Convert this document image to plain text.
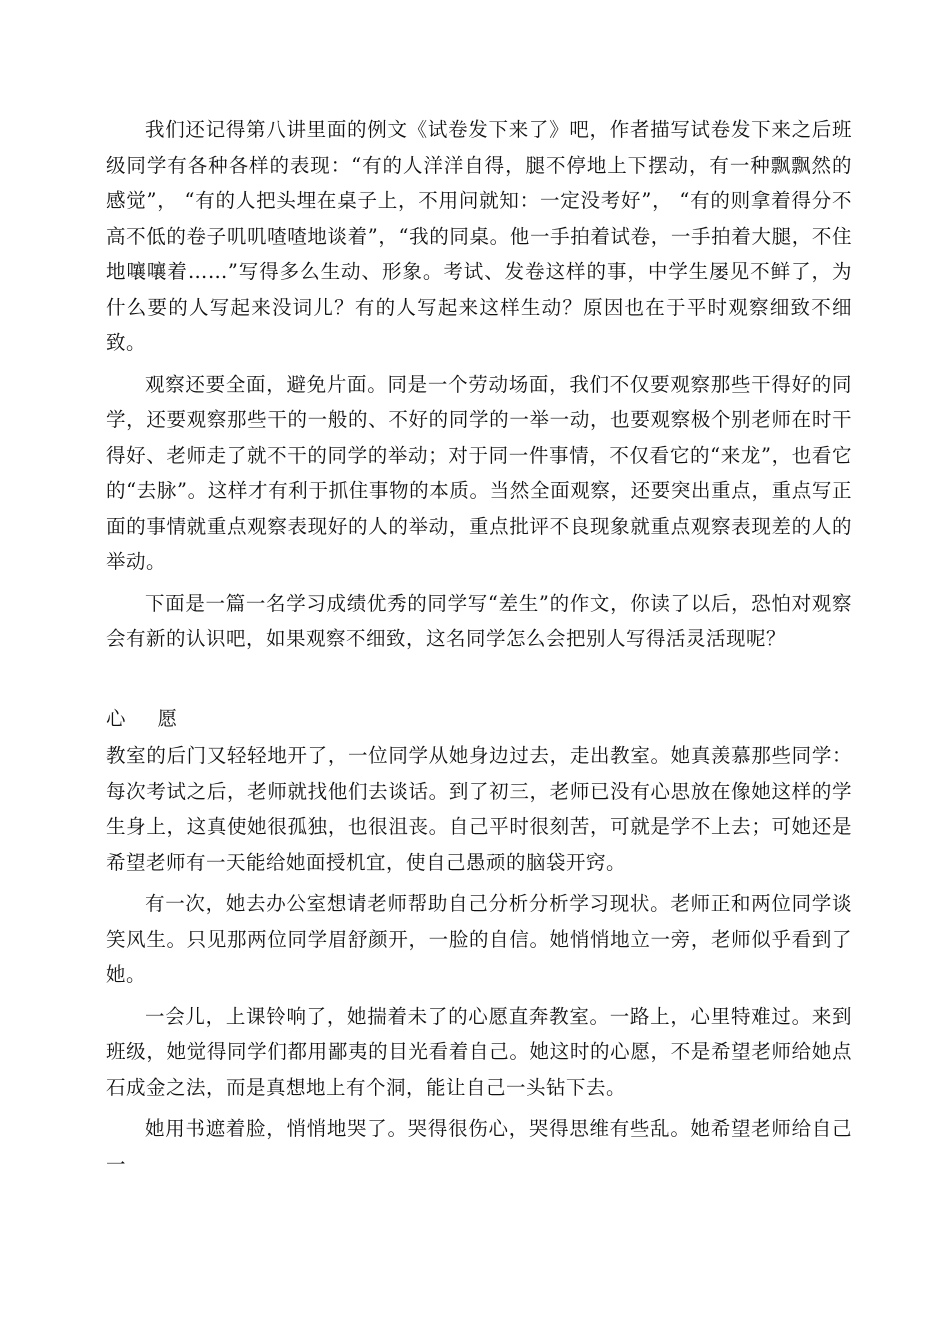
我们还记得第八讲里面的例文《试卷发下来了》吧，作者描写试卷发下来之后班级同学有各种各样的表现：“有的人洋洋自得，腿不停地上下摆动，有一种飘飘然的感觉”， “有的人把头埋在桌子上，不用问就知：一定没考好”， “有的则拿着得分不高不低的卷子叽叽喳喳地谈着”，“我的同桌。他一手拍着试卷，一手拍着大腿，不住地嚷嚷着……”写得多么生动、形象。考试、发卷这样的事，中学生屡见不鲜了，为什么要的人写起来没词儿？有的人写起来这样生动？原因也在于平时观察细致不细致。

观察还要全面，避免片面。同是一个劳动场面，我们不仅要观察那些干得好的同学，还要观察那些干的一般的、不好的同学的一举一动，也要观察极个别老师在时干得好、老师走了就不干的同学的举动；对于同一件事情，不仅看它的“来龙”，也看它的“去脉”。这样才有利于抓住事物的本质。当然全面观察，还要突出重点，重点写正面的事情就重点观察表现好的人的举动，重点批评不良现象就重点观察表现差的人的举动。

下面是一篇一名学习成绩优秀的同学写“差生”的作文，你读了以后，恐怕对观察会有新的认识吧，如果观察不细致，这名同学怎么会把别人写得活灵活现呢？

心 愿

教室的后门又轻轻地开了，一位同学从她身边过去，走出教室。她真羡慕那些同学：每次考试之后，老师就找他们去谈话。到了初三，老师已没有心思放在像她这样的学生身上，这真使她很孤独，也很沮丧。自己平时很刻苦，可就是学不上去；可她还是希望老师有一天能给她面授机宜，使自己愚顽的脑袋开窍。

有一次，她去办公室想请老师帮助自己分析分析学习现状。老师正和两位同学谈笑风生。只见那两位同学眉舒颜开，一脸的自信。她悄悄地立一旁，老师似乎看到了她。

一会儿，上课铃响了，她揣着未了的心愿直奔教室。一路上，心里特难过。来到班级，她觉得同学们都用鄙夷的目光看着自己。她这时的心愿，不是希望老师给她点石成金之法，而是真想地上有个洞，能让自己一头钻下去。

她用书遮着脸，悄悄地哭了。哭得很伤心，哭得思维有些乱。她希望老师给自己一
